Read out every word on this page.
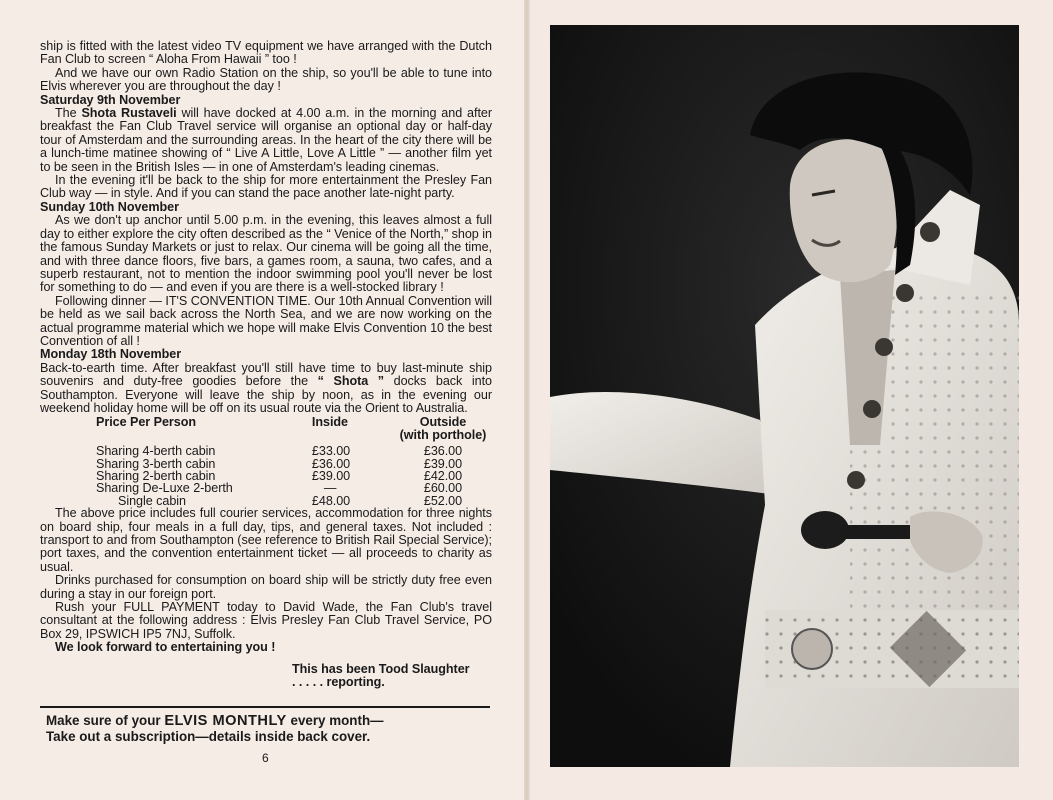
ship is fitted with the latest video TV equipment we have arranged with the Dutch Fan Club to screen “ Aloha From Hawaii ” too !

And we have our own Radio Station on the ship, so you'll be able to tune into Elvis wherever you are throughout the day !

Saturday 9th November

The Shota Rustaveli will have docked at 4.00 a.m. in the morning and after breakfast the Fan Club Travel service will organise an optional day or half-day tour of Amsterdam and the surrounding areas. In the heart of the city there will be a lunch-time matinee showing of “ Live A Little, Love A Little ” — another film yet to be seen in the British Isles — in one of Amsterdam's leading cinemas.

In the evening it'll be back to the ship for more entertainment the Presley Fan Club way — in style. And if you can stand the pace another late-night party.

Sunday 10th November

As we don't up anchor until 5.00 p.m. in the evening, this leaves almost a full day to either explore the city often described as the “ Venice of the North,” shop in the famous Sunday Markets or just to relax. Our cinema will be going all the time, and with three dance floors, five bars, a games room, a sauna, two cafes, and a superb restaurant, not to mention the indoor swimming pool you'll never be lost for something to do — and even if you are there is a well-stocked library !

Following dinner — IT'S CONVENTION TIME. Our 10th Annual Convention will be held as we sail back across the North Sea, and we are now working on the actual programme material which we hope will make Elvis Convention 10 the best Convention of all !

Monday 18th November

Back-to-earth time. After breakfast you'll still have time to buy last-minute ship souvenirs and duty-free goodies before the “ Shota ” docks back into Southampton. Everyone will leave the ship by noon, as in the evening our weekend holiday home will be off on its usual route via the Orient to Australia.

Price Per Person	Inside	Outside
(with porthole)

Sharing 4-berth cabin	£33.00	£36.00
Sharing 3-berth cabin	£36.00	£39.00
Sharing 2-berth cabin	£39.00	£42.00
Sharing De-Luxe 2-berth	—	£60.00
Single cabin	£48.00	£52.00

The above price includes full courier services, accommodation for three nights on board ship, four meals in a full day, tips, and general taxes. Not included : transport to and from Southampton (see reference to British Rail Special Service); port taxes, and the convention entertainment ticket — all proceeds to charity as usual.

Drinks purchased for consumption on board ship will be strictly duty free even during a stay in our foreign port.

Rush your FULL PAYMENT today to David Wade, the Fan Club's travel consultant at the following address : Elvis Presley Fan Club Travel Service, PO Box 29, IPSWICH IP5 7NJ, Suffolk.

We look forward to entertaining you !

This has been Tood Slaughter
. . . . . reporting.
Make sure of your ELVIS MONTHLY every month—
Take out a subscription—details inside back cover.
6
